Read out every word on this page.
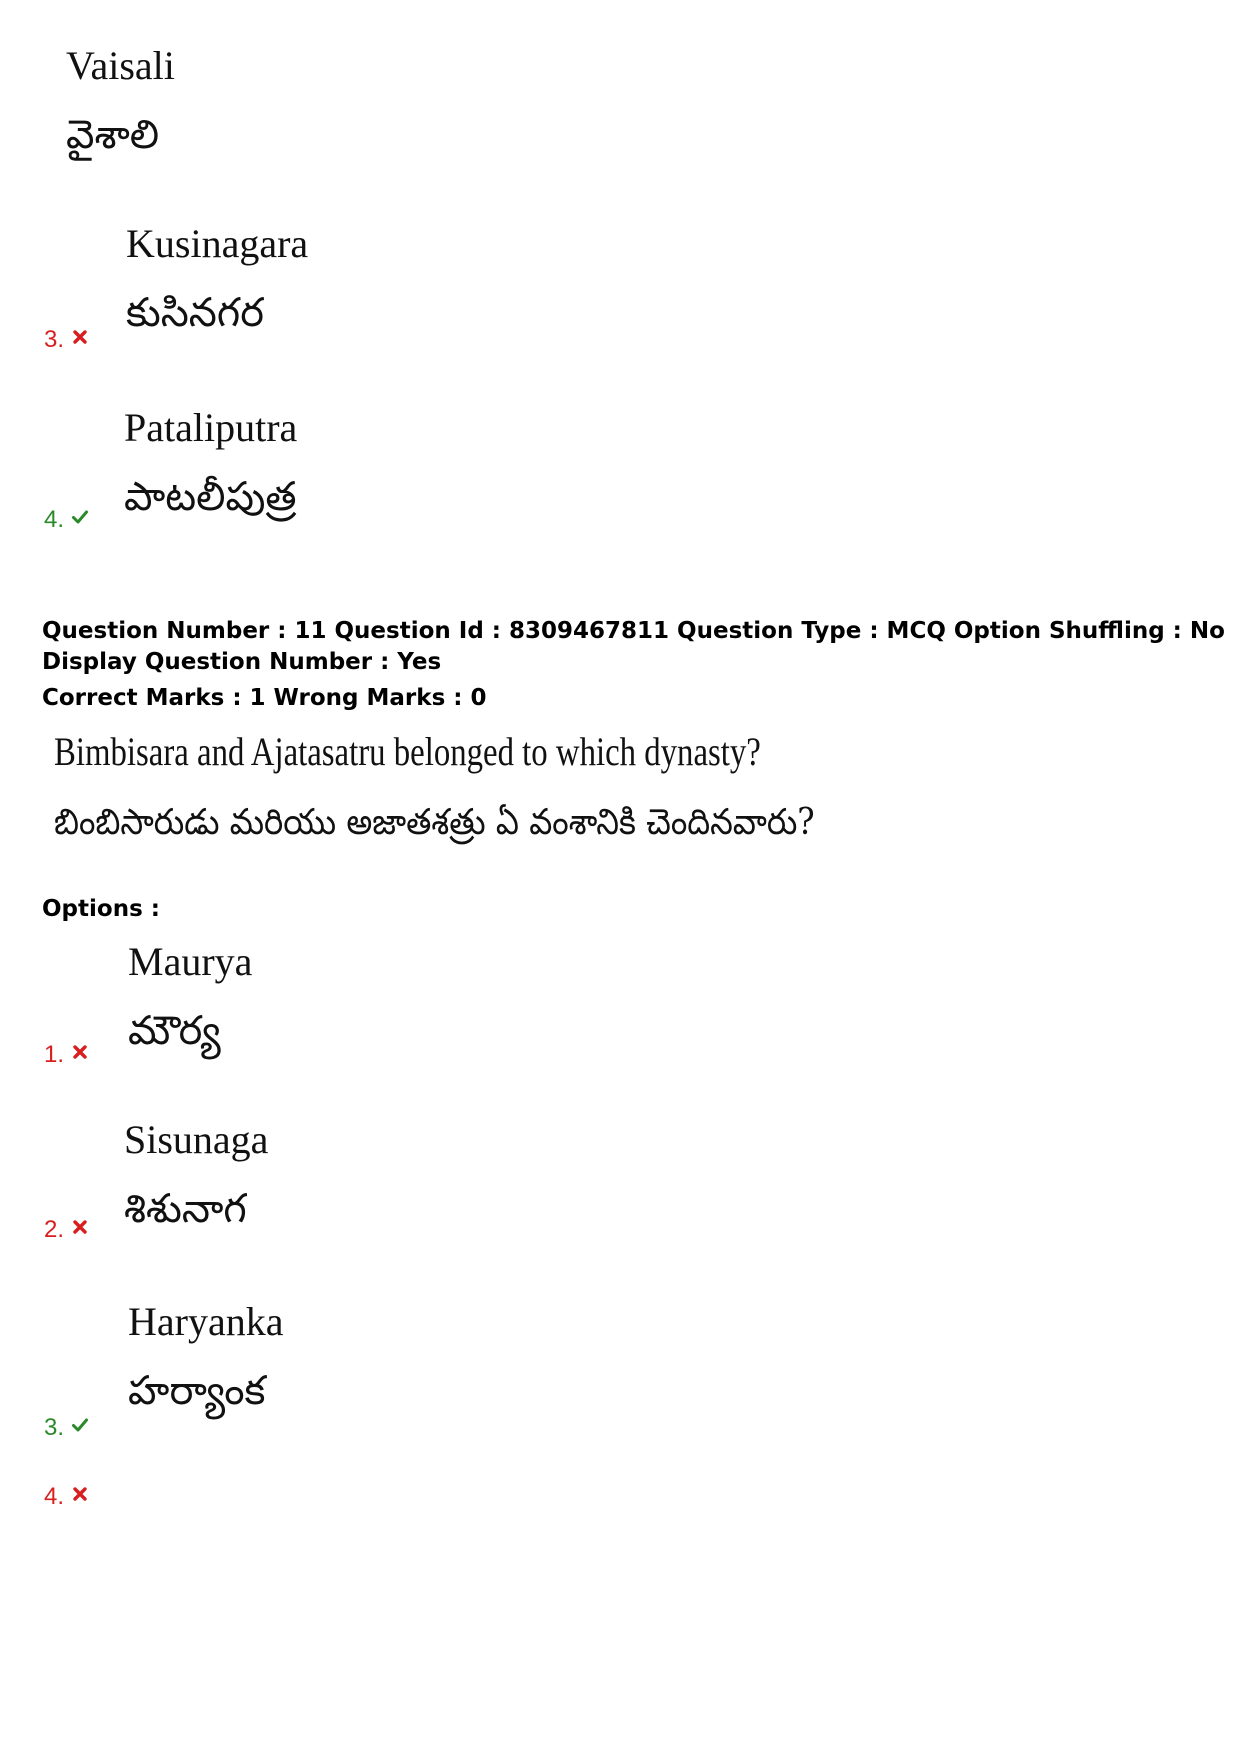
Vaisali
వైశాలి
Kusinagara
కుసినగర
3.
Pataliputra
పాటలీపుత్ర
4.
Question Number : 11 Question Id : 8309467811 Question Type : MCQ Option Shuffling : No
Display Question Number : Yes
Correct Marks : 1 Wrong Marks : 0
Bimbisara and Ajatasatru belonged to which dynasty?
బింబిసారుడు మరియు అజాతశత్రు ఏ వంశానికి చెందినవారు?
Options :
Maurya
మౌర్య
1.
Sisunaga
శిశునాగ
2.
Haryanka
హర్యాంక
3.
4.
